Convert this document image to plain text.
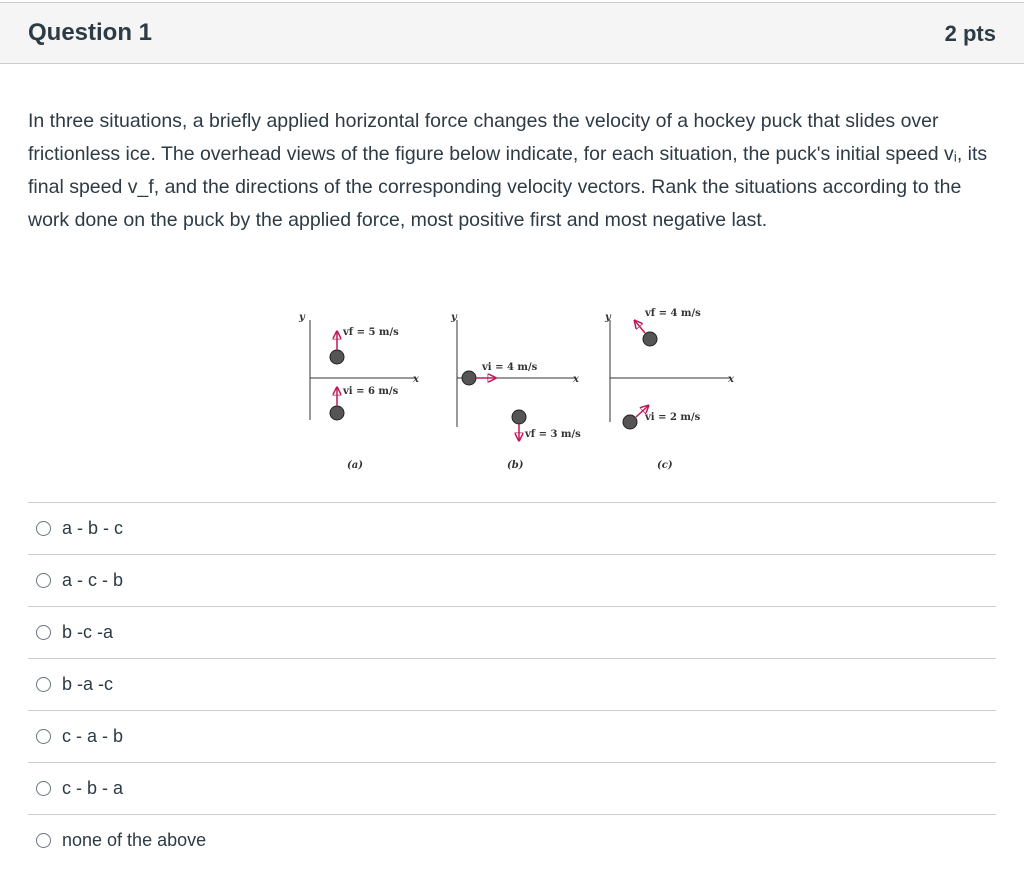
Question 1	2 pts
In three situations, a briefly applied horizontal force changes the velocity of a hockey puck that slides over frictionless ice. The overhead views of the figure below indicate, for each situation, the puck's initial speed vᵢ, its final speed v_f, and the directions of the corresponding velocity vectors. Rank the situations according to the work done on the puck by the applied force, most positive first and most negative last.
y
x
vf = 5 m/s
vi = 6 m/s
(a)
y
x
vi = 4 m/s
vf = 3 m/s
(b)
y
x
vf = 4 m/s
vi = 2 m/s
(c)
a - b - c
a - c - b
b -c -a
b -a -c
c - a - b
c - b - a
none of the above
